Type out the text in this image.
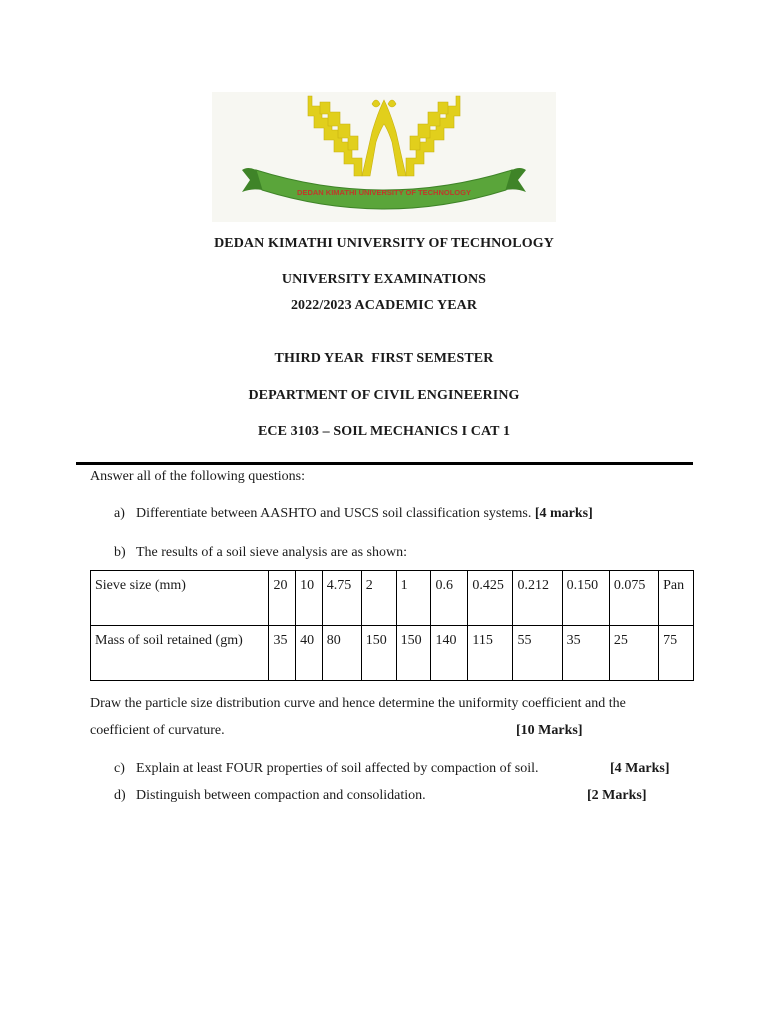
DEDAN KIMATHI UNIVERSITY OF TECHNOLOGY
DEDAN KIMATHI UNIVERSITY OF TECHNOLOGY
UNIVERSITY EXAMINATIONS
2022/2023 ACADEMIC YEAR
THIRD YEAR  FIRST SEMESTER
DEPARTMENT OF CIVIL ENGINEERING
ECE 3103 – SOIL MECHANICS I CAT 1
Answer all of the following questions:
a) Differentiate between AASHTO and USCS soil classification systems. [4 marks]
b) The results of a soil sieve analysis are as shown:
Sieve size (mm)	20	10	4.75	2	1	0.6	0.425	0.212	0.150	0.075	Pan
Mass of soil retained (gm)	35	40	80	150	150	140	115	55	35	25	75
Draw the particle size distribution curve and hence determine the uniformity coefficient and the
coefficient of curvature.	[10 Marks]
c) Explain at least FOUR properties of soil affected by compaction of soil.	[4 Marks]
d) Distinguish between compaction and consolidation.	[2 Marks]
